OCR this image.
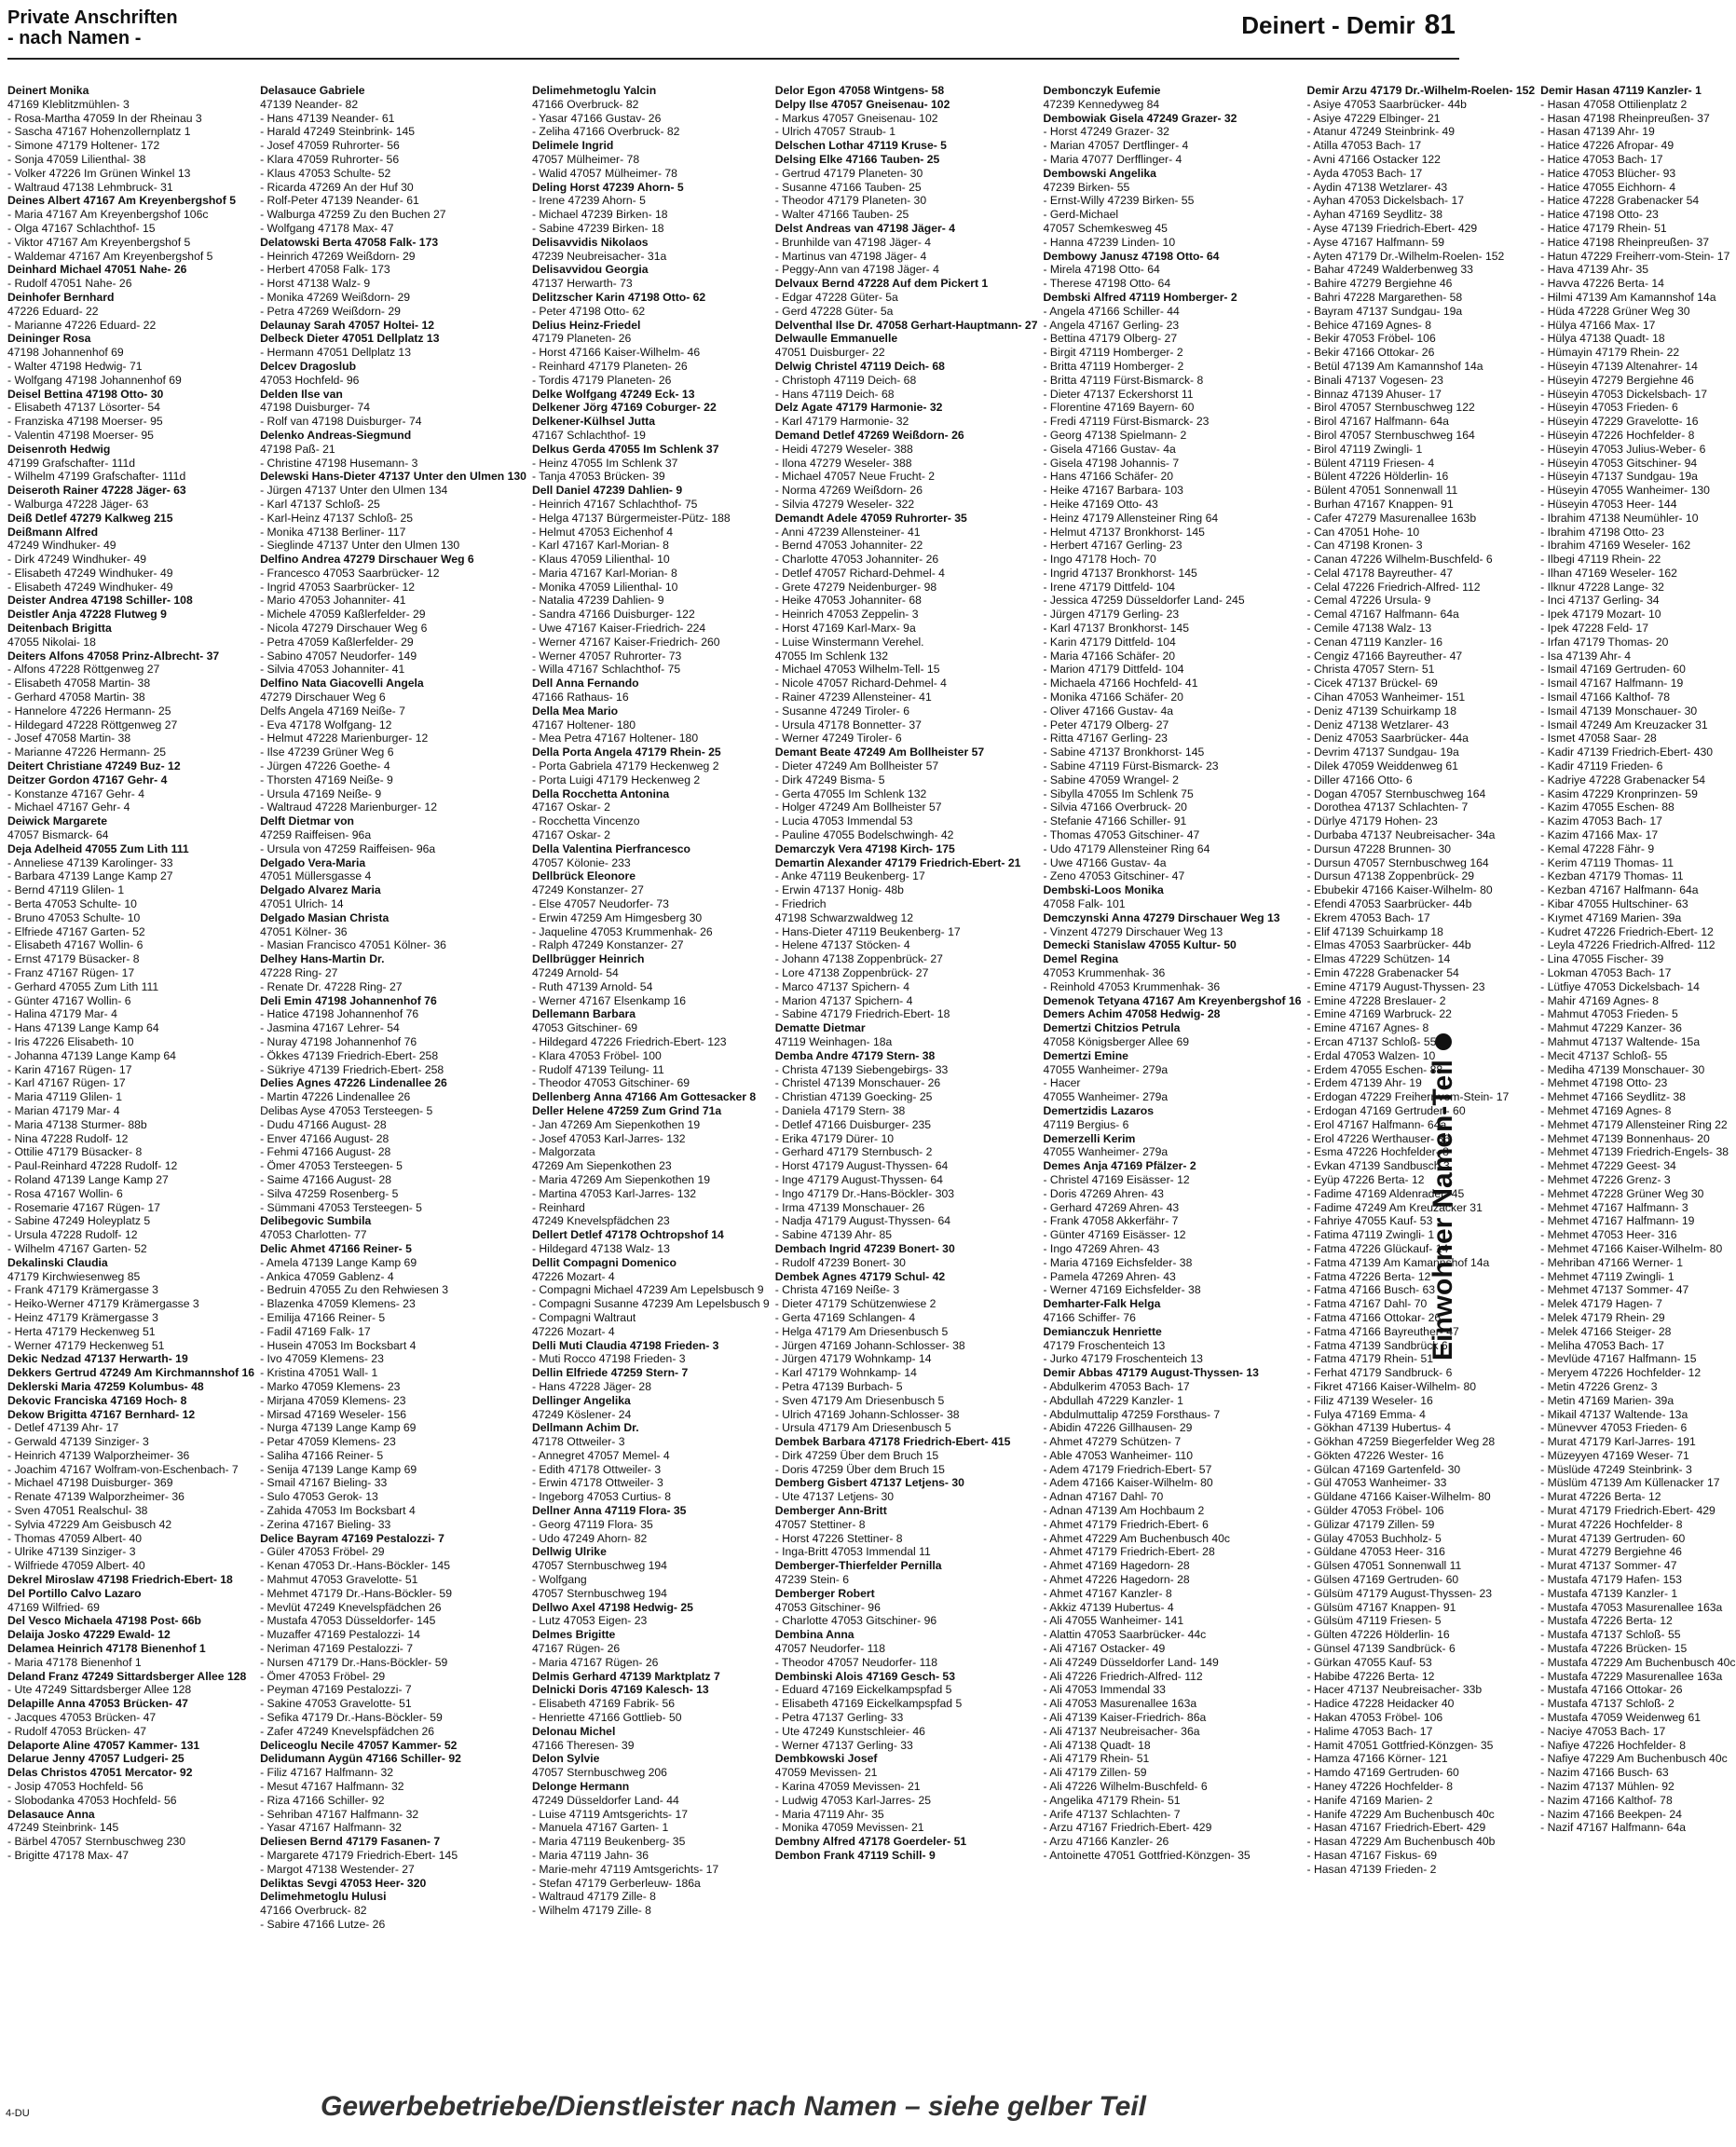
Private Anschriften
- nach Namen -	Deinert - Demir 81
Einwohner
Namen-Teil
Deinert Monika
47169 Kleblitzmühlen- 3
- Rosa-Martha 47059 In der Rheinau 3
- Sascha 47167 Hohenzollernplatz 1
- Simone 47179 Holtener- 172
- Sonja 47059 Lilienthal- 38
- Volker 47226 Im Grünen Winkel 13
- Waltraud 47138 Lehmbruck- 31
Deines Albert 47167 Am Kreyenbergshof 5
- Maria 47167 Am Kreyenbergshof 106c
- Olga 47167 Schlachthof- 15
- Viktor 47167 Am Kreyenbergshof 5
- Waldemar 47167 Am Kreyenbergshof 5
Deinhard Michael 47051 Nahe- 26
- Rudolf 47051 Nahe- 26
Deinhofer Bernhard
47226 Eduard- 22
- Marianne 47226 Eduard- 22
Deininger Rosa
47198 Johannenhof 69
- Walter 47198 Hedwig- 71
- Wolfgang 47198 Johannenhof 69
Deisel Bettina 47198 Otto- 30
- Elisabeth 47137 Lösorter- 54
- Franziska 47198 Moerser- 95
- Valentin 47198 Moerser- 95
Deisenroth Hedwig
47199 Grafschafter- 111d
- Wilhelm 47199 Grafschafter- 111d
Deiseroth Rainer 47228 Jäger- 63
- Walburga 47228 Jäger- 63
Deiß Detlef 47279 Kalkweg 215
Deißmann Alfred
47249 Windhuker- 49
- Dirk 47249 Windhuker- 49
- Elisabeth 47249 Windhuker- 49
- Elisabeth 47249 Windhuker- 49
Deister Andrea 47198 Schiller- 108
Deistler Anja 47228 Flutweg 9
Deitenbach Brigitta
47055 Nikolai- 18
Deiters Alfons 47058 Prinz-Albrecht- 37
- Alfons 47228 Röttgenweg 27
- Elisabeth 47058 Martin- 38
- Gerhard 47058 Martin- 38
- Hannelore 47226 Hermann- 25
- Hildegard 47228 Röttgenweg 27
- Josef 47058 Martin- 38
- Marianne 47226 Hermann- 25
Deitert Christiane 47249 Buz- 12
Deitzer Gordon 47167 Gehr- 4
- Konstanze 47167 Gehr- 4
- Michael 47167 Gehr- 4
Deiwick Margarete
47057 Bismarck- 64
Deja Adelheid 47055 Zum Lith 111
- Anneliese 47139 Karolinger- 33
- Barbara 47139 Lange Kamp 27
- Bernd 47119 Glilen- 1
- Berta 47053 Schulte- 10
- Bruno 47053 Schulte- 10
- Elfriede 47167 Garten- 52
- Elisabeth 47167 Wollin- 6
- Ernst 47179 Büsacker- 8
- Franz 47167 Rügen- 17
- Gerhard 47055 Zum Lith 111
- Günter 47167 Wollin- 6
- Halina 47179 Mar- 4
- Hans 47139 Lange Kamp 64
- Iris 47226 Elisabeth- 10
- Johanna 47139 Lange Kamp 64
- Karin 47167 Rügen- 17
- Karl 47167 Rügen- 17
- Maria 47119 Glilen- 1
- Marian 47179 Mar- 4
- Maria 47138 Sturmer- 88b
- Nina 47228 Rudolf- 12
- Ottilie 47179 Büsacker- 8
- Paul-Reinhard 47228 Rudolf- 12
- Roland 47139 Lange Kamp 27
- Rosa 47167 Wollin- 6
- Rosemarie 47167 Rügen- 17
- Sabine 47249 Holeyplatz 5
- Ursula 47228 Rudolf- 12
- Wilhelm 47167 Garten- 52
Dekalinski Claudia
47179 Kirchwiesenweg 85
- Frank 47179 Krämergasse 3
- Heiko-Werner 47179 Krämergasse 3
- Heinz 47179 Krämergasse 3
- Herta 47179 Heckenweg 51
- Werner 47179 Heckenweg 51
Dekic Nedzad 47137 Herwarth- 19
Dekkers Gertrud 47249 Am Kirchmannshof 16
Deklerski Maria 47259 Kolumbus- 48
Dekovic Franciska 47169 Hoch- 8
Dekow Brigitta 47167 Bernhard- 12
- Detlef 47139 Ahr- 17
- Gerwald 47139 Sinziger- 3
- Heinrich 47139 Walporzheimer- 36
- Joachim 47167 Wolfram-von-Eschenbach- 7
- Michael 47198 Duisburger- 369
- Renate 47139 Walporzheimer- 36
- Sven 47051 Realschul- 38
- Sylvia 47229 Am Geisbusch 42
- Thomas 47059 Albert- 40
- Ulrike 47139 Sinziger- 3
- Wilfriede 47059 Albert- 40
Dekrel Miroslaw 47198 Friedrich-Ebert- 18
Del Portillo Calvo Lazaro
47169 Wilfried- 69
Del Vesco Michaela 47198 Post- 66b
Delaija Josko 47229 Ewald- 12
Delamea Heinrich 47178 Bienenhof 1
- Maria 47178 Bienenhof 1
Deland Franz 47249 Sittardsberger Allee 128
- Ute 47249 Sittardsberger Allee 128
Delapille Anna 47053 Brücken- 47
- Jacques 47053 Brücken- 47
- Rudolf 47053 Brücken- 47
Delaporte Aline 47057 Kammer- 131
Delarue Jenny 47057 Ludgeri- 25
Delas Christos 47051 Mercator- 92
- Josip 47053 Hochfeld- 56
- Slobodanka 47053 Hochfeld- 56
Delasauce Anna
47249 Steinbrink- 145
- Bärbel 47057 Sternbuschweg 230
- Brigitte 47178 Max- 47
Delasauce Gabriele
47139 Neander- 82
- Hans 47139 Neander- 61
- Harald 47249 Steinbrink- 145
- Josef 47059 Ruhrorter- 56
- Klara 47059 Ruhrorter- 56
- Klaus 47053 Schulte- 52
- Ricarda 47269 An der Huf 30
- Rolf-Peter 47139 Neander- 61
- Walburga 47259 Zu den Buchen 27
- Wolfgang 47178 Max- 47
Delatowski Berta 47058 Falk- 173
- Heinrich 47269 Weißdorn- 29
- Herbert 47058 Falk- 173
- Horst 47138 Walz- 9
- Monika 47269 Weißdorn- 29
- Petra 47269 Weißdorn- 29
Delaunay Sarah 47057 Holtei- 12
Delbeck Dieter 47051 Dellplatz 13
- Hermann 47051 Dellplatz 13
Delcev Dragoslub
47053 Hochfeld- 96
Delden Ilse van
47198 Duisburger- 74
- Rolf van 47198 Duisburger- 74
Delenko Andreas-Siegmund
47198 Paß- 21
- Christine 47198 Husemann- 3
Delewski Hans-Dieter 47137 Unter den Ulmen 130
- Jürgen 47137 Unter den Ulmen 134
- Karl 47137 Schloß- 25
- Karl-Heinz 47137 Schloß- 25
- Monika 47138 Berliner- 117
- Sieglinde 47137 Unter den Ulmen 130
Delfino Andrea 47279 Dirschauer Weg 6
- Francesco 47053 Saarbrücker- 12
- Ingrid 47053 Saarbrücker- 12
- Mario 47053 Johanniter- 41
- Michele 47059 Kaßlerfelder- 29
- Nicola 47279 Dirschauer Weg 6
- Petra 47059 Kaßlerfelder- 29
- Sabino 47057 Neudorfer- 149
- Silvia 47053 Johanniter- 41
Delfino Nata Giacovelli Angela
47279 Dirschauer Weg 6
Delfs Angela 47169 Neiße- 7
- Eva 47178 Wolfgang- 12
- Helmut 47228 Marienburger- 12
- Ilse 47239 Grüner Weg 6
- Jürgen 47226 Goethe- 4
- Thorsten 47169 Neiße- 9
- Ursula 47169 Neiße- 9
- Waltraud 47228 Marienburger- 12
Delft Dietmar von
47259 Raiffeisen- 96a
- Ursula von 47259 Raiffeisen- 96a
Delgado Vera-Maria
47051 Müllersgasse 4
Delgado Alvarez Maria
47051 Ulrich- 14
Delgado Masian Christa
47051 Kölner- 36
- Masian Francisco 47051 Kölner- 36
Delhey Hans-Martin Dr.
47228 Ring- 27
- Renate Dr. 47228 Ring- 27
Deli Emin 47198 Johannenhof 76
- Hatice 47198 Johannenhof 76
- Jasmina 47167 Lehrer- 54
- Nuray 47198 Johannenhof 76
- Ökkes 47139 Friedrich-Ebert- 258
- Sükriye 47139 Friedrich-Ebert- 258
Delies Agnes 47226 Lindenallee 26
- Martin 47226 Lindenallee 26
Delibas Ayse 47053 Tersteegen- 5
- Dudu 47166 August- 28
- Enver 47166 August- 28
- Fehmi 47166 August- 28
- Ömer 47053 Tersteegen- 5
- Saime 47166 August- 28
- Silva 47259 Rosenberg- 5
- Sümmani 47053 Tersteegen- 5
Delibegovic Sumbila
47053 Charlotten- 77
Delic Ahmet 47166 Reiner- 5
- Amela 47139 Lange Kamp 69
- Ankica 47059 Gablenz- 4
- Bedruin 47055 Zu den Rehwiesen 3
- Blazenka 47059 Klemens- 23
- Emilija 47166 Reiner- 5
- Fadil 47169 Falk- 17
- Husein 47053 Im Bocksbart 4
- Ivo 47059 Klemens- 23
- Kristina 47051 Wall- 1
- Marko 47059 Klemens- 23
- Mirjana 47059 Klemens- 23
- Mirsad 47169 Weseler- 156
- Nurga 47139 Lange Kamp 69
- Petar 47059 Klemens- 23
- Saliha 47166 Reiner- 5
- Senija 47139 Lange Kamp 69
- Smail 47167 Bieling- 33
- Sulo 47053 Gerok- 13
- Zahida 47053 Im Bocksbart 4
- Zerina 47167 Bieling- 33
Delice Bayram 47169 Pestalozzi- 7
- Güler 47053 Fröbel- 29
- Kenan 47053 Dr.-Hans-Böckler- 145
- Mahmut 47053 Gravelotte- 51
- Mehmet 47179 Dr.-Hans-Böckler- 59
- Mevlüt 47249 Knevelspfädchen 26
- Mustafa 47053 Düsseldorfer- 145
- Muzaffer 47169 Pestalozzi- 14
- Neriman 47169 Pestalozzi- 7
- Nursen 47179 Dr.-Hans-Böckler- 59
- Ömer 47053 Fröbel- 29
- Peyman 47169 Pestalozzi- 7
- Sakine 47053 Gravelotte- 51
- Sefika 47179 Dr.-Hans-Böckler- 59
- Zafer 47249 Knevelspfädchen 26
Deliceoglu Necile 47057 Kammer- 52
Delidumann Aygün 47166 Schiller- 92
- Filiz 47167 Halfmann- 32
- Mesut 47167 Halfmann- 32
- Riza 47166 Schiller- 92
- Sehriban 47167 Halfmann- 32
- Yasar 47167 Halfmann- 32
Deliesen Bernd 47179 Fasanen- 7
- Margarete 47179 Friedrich-Ebert- 145
- Margot 47138 Westender- 27
Deliktas Sevgi 47053 Heer- 320
Delimehmetoglu Hulusi
47166 Overbruck- 82
- Sabire 47166 Lutze- 26
Delimehmetoglu Yalcin
47166 Overbruck- 82
- Yasar 47166 Gustav- 26
- Zeliha 47166 Overbruck- 82
Delimele Ingrid
47057 Mülheimer- 78
- Walid 47057 Mülheimer- 78
Deling Horst 47239 Ahorn- 5
- Irene 47239 Ahorn- 5
- Michael 47239 Birken- 18
- Sabine 47239 Birken- 18
Delisavvidis Nikolaos
47239 Neubreisacher- 31a
Delisavvidou Georgia
47137 Herwarth- 73
Delitzscher Karin 47198 Otto- 62
- Peter 47198 Otto- 62
Delius Heinz-Friedel
47179 Planeten- 26
- Horst 47166 Kaiser-Wilhelm- 46
- Reinhard 47179 Planeten- 26
- Tordis 47179 Planeten- 26
Delke Wolfgang 47249 Eck- 13
Delkener Jörg 47169 Coburger- 22
Delkener-Külhsel Jutta
47167 Schlachthof- 19
Delkus Gerda 47055 Im Schlenk 37
- Heinz 47055 Im Schlenk 37
- Tanja 47053 Brücken- 39
Dell Daniel 47239 Dahlien- 9
- Heinrich 47167 Schlachthof- 75
- Helga 47137 Bürgermeister-Pütz- 188
- Helmut 47053 Eichenhof 4
- Karl 47167 Karl-Morian- 8
- Klaus 47059 Lilienthal- 10
- Maria 47167 Karl-Morian- 8
- Monika 47059 Lilienthal- 10
- Natalia 47239 Dahlien- 9
- Sandra 47166 Duisburger- 122
- Uwe 47167 Kaiser-Friedrich- 224
- Werner 47167 Kaiser-Friedrich- 260
- Werner 47057 Ruhrorter- 73
- Willa 47167 Schlachthof- 75
Dell Anna Fernando
47166 Rathaus- 16
Della Mea Mario
47167 Holtener- 180
- Mea Petra 47167 Holtener- 180
Della Porta Angela 47179 Rhein- 25
- Porta Gabriela 47179 Heckenweg 2
- Porta Luigi 47179 Heckenweg 2
Della Rocchetta Antonina
47167 Oskar- 2
- Rocchetta Vincenzo
47167 Oskar- 2
Della Valentina Pierfrancesco
47057 Kölonie- 233
Dellbrück Eleonore
47249 Konstanzer- 27
- Else 47057 Neudorfer- 73
- Erwin 47259 Am Himgesberg 30
- Jaqueline 47053 Krummenhak- 26
- Ralph 47249 Konstanzer- 27
Dellbrügger Heinrich
47249 Arnold- 54
- Ruth 47139 Arnold- 54
- Werner 47167 Elsenkamp 16
Dellemann Barbara
47053 Gitschiner- 69
- Hildegard 47226 Friedrich-Ebert- 123
- Klara 47053 Fröbel- 100
- Rudolf 47139 Teilung- 11
- Theodor 47053 Gitschiner- 69
Dellenberg Anna 47166 Am Gottesacker 8
Deller Helene 47259 Zum Grind 71a
- Jan 47269 Am Siepenkothen 19
- Josef 47053 Karl-Jarres- 132
- Malgorzata
47269 Am Siepenkothen 23
- Maria 47269 Am Siepenkothen 19
- Martina 47053 Karl-Jarres- 132
- Reinhard
47249 Knevelspfädchen 23
Dellert Detlef 47178 Ochtropshof 14
- Hildegard 47138 Walz- 13
Dellit Compagni Domenico
47226 Mozart- 4
- Compagni Michael 47239 Am Lepelsbusch 9
- Compagni Susanne 47239 Am Lepelsbusch 9
- Compagni Waltraut
47226 Mozart- 4
Delli Muti Claudia 47198 Frieden- 3
- Muti Rocco 47198 Frieden- 3
Dellin Elfriede 47259 Stern- 7
- Hans 47228 Jäger- 28
Dellinger Angelika
47249 Köslener- 24
Dellmann Achim Dr.
47178 Ottweiler- 3
- Annegret 47057 Memel- 4
- Edith 47178 Ottweiler- 3
- Erwin 47178 Ottweiler- 3
- Ingeborg 47053 Curtius- 8
Dellner Anna 47119 Flora- 35
- Georg 47119 Flora- 35
- Udo 47249 Ahorn- 82
Dellwig Ulrike
47057 Sternbuschweg 194
- Wolfgang
47057 Sternbuschweg 194
Dellwo Axel 47198 Hedwig- 25
- Lutz 47053 Eigen- 23
Delmes Brigitte
47167 Rügen- 26
- Maria 47167 Rügen- 26
Delmis Gerhard 47139 Marktplatz 7
Delnicki Doris 47169 Kalesch- 13
- Elisabeth 47169 Fabrik- 56
- Henriette 47166 Gottlieb- 50
Delonau Michel
47166 Theresen- 39
Delon Sylvie
47057 Sternbuschweg 206
Delonge Hermann
47249 Düsseldorfer Land- 44
- Luise 47119 Amtsgerichts- 17
- Manuela 47167 Garten- 1
- Maria 47119 Beukenberg- 35
- Maria 47119 Jahn- 36
- Marie-mehr 47119 Amtsgerichts- 17
- Stefan 47179 Gerberleuw- 186a
- Waltraud 47179 Zille- 8
- Wilhelm 47179 Zille- 8
Delor Egon 47058 Wintgens- 58
Delpy Ilse 47057 Gneisenau- 102
- Markus 47057 Gneisenau- 102
- Ulrich 47057 Straub- 1
Delschen Lothar 47119 Kruse- 5
Delsing Elke 47166 Tauben- 25
- Gertrud 47179 Planeten- 30
- Susanne 47166 Tauben- 25
- Theodor 47179 Planeten- 30
- Walter 47166 Tauben- 25
Delst Andreas van 47198 Jäger- 4
- Brunhilde van 47198 Jäger- 4
- Martinus van 47198 Jäger- 4
- Peggy-Ann van 47198 Jäger- 4
Delvaux Bernd 47228 Auf dem Pickert 1
- Edgar 47228 Güter- 5a
- Gerd 47228 Güter- 5a
Delventhal Ilse Dr. 47058 Gerhart-Hauptmann- 27
Delwaulle Emmanuelle
47051 Duisburger- 22
Delwig Christel 47119 Deich- 68
- Christoph 47119 Deich- 68
- Hans 47119 Deich- 68
Delz Agate 47179 Harmonie- 32
- Karl 47179 Harmonie- 32
Demand Detlef 47269 Weißdorn- 26
- Heidi 47279 Weseler- 388
- Ilona 47279 Weseler- 388
- Michael 47057 Neue Frucht- 2
- Norma 47269 Weißdorn- 26
- Silvia 47279 Weseler- 322
Demandt Adele 47059 Ruhrorter- 35
- Anni 47239 Allensteiner- 41
- Bernd 47053 Johanniter- 22
- Charlotte 47053 Johanniter- 26
- Detlef 47057 Richard-Dehmel- 4
- Grete 47279 Neidenburger- 98
- Heike 47053 Johanniter- 68
- Heinrich 47053 Zeppelin- 3
- Horst 47169 Karl-Marx- 9a
- Luise Winstermann Verehel.
47055 Im Schlenk 132
- Michael 47053 Wilhelm-Tell- 15
- Nicole 47057 Richard-Dehmel- 4
- Rainer 47239 Allensteiner- 41
- Susanne 47249 Tiroler- 6
- Ursula 47178 Bonnetter- 37
- Werner 47249 Tiroler- 6
Demant Beate 47249 Am Bollheister 57
- Dieter 47249 Am Bollheister 57
- Dirk 47249 Bisma- 5
- Gerta 47055 Im Schlenk 132
- Holger 47249 Am Bollheister 57
- Lucia 47053 Immendal 53
- Pauline 47055 Bodelschwingh- 42
Demarczyk Vera 47198 Kirch- 175
Demartin Alexander 47179 Friedrich-Ebert- 21
- Anke 47119 Beukenberg- 17
- Erwin 47137 Honig- 48b
- Friedrich
47198 Schwarzwaldweg 12
- Hans-Dieter 47119 Beukenberg- 17
- Helene 47137 Stöcken- 4
- Johann 47138 Zoppenbrück- 27
- Lore 47138 Zoppenbrück- 27
- Marco 47137 Spichern- 4
- Marion 47137 Spichern- 4
- Sabine 47179 Friedrich-Ebert- 18
Dematte Dietmar
47119 Weinhagen- 18a
Demba Andre 47179 Stern- 38
- Christa 47139 Siebengebirgs- 33
- Christel 47139 Monschauer- 26
- Christian 47139 Goecking- 25
- Daniela 47179 Stern- 38
- Detlef 47166 Duisburger- 235
- Erika 47179 Dürer- 10
- Gerhard 47179 Sternbusch- 2
- Horst 47179 August-Thyssen- 64
- Inge 47179 August-Thyssen- 64
- Ingo 47179 Dr.-Hans-Böckler- 303
- Irma 47139 Monschauer- 26
- Nadja 47179 August-Thyssen- 64
- Sabine 47139 Ahr- 85
Dembach Ingrid 47239 Bonert- 30
- Rudolf 47239 Bonert- 30
Dembek Agnes 47179 Schul- 42
- Christa 47169 Neiße- 3
- Dieter 47179 Schützenwiese 2
- Gerta 47169 Schlangen- 4
- Helga 47179 Am Driesenbusch 5
- Jürgen 47169 Johann-Schlosser- 38
- Jürgen 47179 Wohnkamp- 14
- Karl 47179 Wohnkamp- 14
- Petra 47139 Burbach- 5
- Sven 47179 Am Driesenbusch 5
- Ulrich 47169 Johann-Schlosser- 38
- Ursula 47179 Am Driesenbusch 5
Dembek Barbara 47178 Friedrich-Ebert- 415
- Dirk 47259 Über dem Bruch 15
- Doris 47259 Über dem Bruch 15
Demberg Gisbert 47137 Letjens- 30
- Ute 47137 Letjens- 30
Demberger Ann-Britt
47057 Stettiner- 8
- Horst 47226 Stettiner- 8
- Inga-Britt 47053 Immendal 11
Demberger-Thierfelder Pernilla
47239 Stein- 6
Demberger Robert
47053 Gitschiner- 96
- Charlotte 47053 Gitschiner- 96
Dembina Anna
47057 Neudorfer- 118
- Theodor 47057 Neudorfer- 118
Dembinski Alois 47169 Gesch- 53
- Eduard 47169 Eickelkampspfad 5
- Elisabeth 47169 Eickelkampspfad 5
- Petra 47137 Gerling- 33
- Ute 47249 Kunstschleier- 46
- Werner 47137 Gerling- 33
Dembkowski Josef
47059 Mevissen- 21
- Karina 47059 Mevissen- 21
- Ludwig 47053 Karl-Jarres- 25
- Maria 47119 Ahr- 35
- Monika 47059 Mevissen- 21
Dembny Alfred 47178 Goerdeler- 51
Dembon Frank 47119 Schill- 9
Dembonczyk Eufemie
47239 Kennedyweg 84
Dembowiak Gisela 47249 Grazer- 32
- Horst 47249 Grazer- 32
- Marian 47057 Dertflinger- 4
- Maria 47077 Derfflinger- 4
Dembowski Angelika
47239 Birken- 55
- Ernst-Willy 47239 Birken- 55
- Gerd-Michael
47057 Schemkesweg 45
- Hanna 47239 Linden- 10
Dembowy Janusz 47198 Otto- 64
- Mirela 47198 Otto- 64
- Therese 47198 Otto- 64
Dembski Alfred 47119 Homberger- 2
- Angela 47166 Schiller- 44
- Angela 47167 Gerling- 23
- Bettina 47179 Olberg- 27
- Birgit 47119 Homberger- 2
- Britta 47119 Homberger- 2
- Britta 47119 Fürst-Bismarck- 8
- Dieter 47137 Eckershorst 11
- Florentine 47169 Bayern- 60
- Fredi 47119 Fürst-Bismarck- 23
- Georg 47138 Spielmann- 2
- Gisela 47166 Gustav- 4a
- Gisela 47198 Johannis- 7
- Hans 47166 Schäfer- 20
- Heike 47167 Barbara- 103
- Heike 47169 Otto- 43
- Heinz 47179 Allensteiner Ring 64
- Helmut 47137 Bronkhorst- 145
- Herbert 47167 Gerling- 23
- Ingo 47178 Hoch- 70
- Ingrid 47137 Bronkhorst- 145
- Irene 47179 Dittfeld- 104
- Jessica 47259 Düsseldorfer Land- 245
- Jürgen 47179 Gerling- 23
- Karl 47137 Bronkhorst- 145
- Karin 47179 Dittfeld- 104
- Maria 47166 Schäfer- 20
- Marion 47179 Dittfeld- 104
- Michaela 47166 Hochfeld- 41
- Monika 47166 Schäfer- 20
- Oliver 47166 Gustav- 4a
- Peter 47179 Olberg- 27
- Ritta 47167 Gerling- 23
- Sabine 47137 Bronkhorst- 145
- Sabine 47119 Fürst-Bismarck- 23
- Sabine 47059 Wrangel- 2
- Sibylla 47055 Im Schlenk 75
- Silvia 47166 Overbruck- 20
- Stefanie 47166 Schiller- 91
- Thomas 47053 Gitschiner- 47
- Udo 47179 Allensteiner Ring 64
- Uwe 47166 Gustav- 4a
- Zeno 47053 Gitschiner- 47
Dembski-Loos Monika
47058 Falk- 101
Demczynski Anna 47279 Dirschauer Weg 13
- Vinzent 47279 Dirschauer Weg 13
Demecki Stanislaw 47055 Kultur- 50
Demel Regina
47053 Krummenhak- 36
- Reinhold 47053 Krummenhak- 36
Demenok Tetyana 47167 Am Kreyenbergshof 16
Demers Achim 47058 Hedwig- 28
Demertzi Chitzios Petrula
47058 Königsberger Allee 69
Demertzi Emine
47055 Wanheimer- 279a
- Hacer
47055 Wanheimer- 279a
Demertzidis Lazaros
47119 Bergius- 6
Demerzelli Kerim
47055 Wanheimer- 279a
Demes Anja 47169 Pfälzer- 2
- Christel 47169 Eisässer- 12
- Doris 47269 Ahren- 43
- Gerhard 47269 Ahren- 43
- Frank 47058 Akkerfähr- 7
- Günter 47169 Eisässer- 12
- Ingo 47269 Ahren- 43
- Maria 47169 Eichsfelder- 38
- Pamela 47269 Ahren- 43
- Werner 47169 Eichsfelder- 38
Demharter-Falk Helga
47166 Schiffer- 76
Demianczuk Henriette
47179 Froschenteich 13
- Jurko 47179 Froschenteich 13
Demir Abbas 47179 August-Thyssen- 13
- Abdulkerim 47053 Bach- 17
- Abdullah 47229 Kanzler- 1
- Abdulmuttalip 47259 Forsthaus- 7
- Abidin 47226 Gillhausen- 29
- Ahmet 47279 Schützen- 7
- Able 47053 Wanheimer- 110
- Adem 47179 Friedrich-Ebert- 57
- Adem 47166 Kaiser-Wilhelm- 80
- Adnan 47167 Dahl- 70
- Adnan 47139 Am Hochbaum 2
- Ahmet 47179 Friedrich-Ebert- 6
- Ahmet 47229 Am Buchenbusch 40c
- Ahmet 47179 Friedrich-Ebert- 28
- Ahmet 47169 Hagedorn- 28
- Ahmet 47226 Hagedorn- 28
- Ahmet 47167 Kanzler- 8
- Akkiz 47139 Hubertus- 4
- Ali 47055 Wanheimer- 141
- Alattin 47053 Saarbrücker- 44c
- Ali 47167 Ostacker- 49
- Ali 47249 Düsseldorfer Land- 149
- Ali 47226 Friedrich-Alfred- 112
- Ali 47053 Immendal 33
- Ali 47053 Masurenallee 163a
- Ali 47139 Kaiser-Friedrich- 86a
- Ali 47137 Neubreisacher- 36a
- Ali 47138 Quadt- 18
- Ali 47179 Rhein- 51
- Ali 47179 Zillen- 59
- Ali 47226 Wilhelm-Buschfeld- 6
- Angelika 47179 Rhein- 51
- Arife 47137 Schlachten- 7
- Arzu 47167 Friedrich-Ebert- 429
- Arzu 47166 Kanzler- 26
- Antoinette 47051 Gottfried-Könzgen- 35
Demir Arzu 47179 Dr.-Wilhelm-Roelen- 152
- Asiye 47053 Saarbrücker- 44b
- Asiye 47229 Elbinger- 21
- Atanur 47249 Steinbrink- 49
- Atilla 47053 Bach- 17
- Avni 47166 Ostacker 122
- Ayda 47053 Bach- 17
- Aydin 47138 Wetzlarer- 43
- Ayhan 47053 Dickelsbach- 17
- Ayhan 47169 Seydlitz- 38
- Ayse 47139 Friedrich-Ebert- 429
- Ayse 47167 Halfmann- 59
- Ayten 47179 Dr.-Wilhelm-Roelen- 152
- Bahar 47249 Walderbenweg 33
- Bahire 47279 Bergiehne 46
- Bahri 47228 Margarethen- 58
- Bayram 47137 Sundgau- 19a
- Behice 47169 Agnes- 8
- Bekir 47053 Fröbel- 106
- Bekir 47166 Ottokar- 26
- Betül 47139 Am Kamannshof 14a
- Binali 47137 Vogesen- 23
- Binnaz 47139 Ahuser- 17
- Birol 47057 Sternbuschweg 122
- Birol 47167 Halfmann- 64a
- Birol 47057 Sternbuschweg 164
- Birol 47119 Zwingli- 1
- Bülent 47119 Friesen- 4
- Bülent 47226 Hölderlin- 16
- Bülent 47051 Sonnenwall 11
- Burhan 47167 Knappen- 91
- Cafer 47279 Masurenallee 163b
- Can 47051 Hohe- 10
- Can 47198 Kronen- 3
- Canan 47226 Wilhelm-Buschfeld- 6
- Celal 47178 Bayreuther- 47
- Celal 47226 Friedrich-Alfred- 112
- Cemal 47226 Ursula- 9
- Cemal 47167 Halfmann- 64a
- Cemile 47138 Walz- 13
- Cenan 47119 Kanzler- 16
- Cengiz 47166 Bayreuther- 47
- Christa 47057 Stern- 51
- Cicek 47137 Brückel- 69
- Cihan 47053 Wanheimer- 151
- Deniz 47139 Schuirkamp 18
- Deniz 47138 Wetzlarer- 43
- Deniz 47053 Saarbrücker- 44a
- Devrim 47137 Sundgau- 19a
- Dilek 47059 Weiddenweg 61
- Diller 47166 Otto- 6
- Dogan 47057 Sternbuschweg 164
- Dorothea 47137 Schlachten- 7
- Dürlye 47179 Hohen- 23
- Durbaba 47137 Neubreisacher- 34a
- Dursun 47228 Brunnen- 30
- Dursun 47057 Sternbuschweg 164
- Dursun 47138 Zoppenbrück- 29
- Ebubekir 47166 Kaiser-Wilhelm- 80
- Efendi 47053 Saarbrücker- 44b
- Ekrem 47053 Bach- 17
- Elif 47139 Schuirkamp 18
- Elmas 47053 Saarbrücker- 44b
- Elmas 47229 Schützen- 14
- Emin 47228 Grabenacker 54
- Emine 47179 August-Thyssen- 23
- Emine 47228 Breslauer- 2
- Emine 47169 Warbruck- 22
- Emine 47167 Agnes- 8
- Ercan 47137 Schloß- 55
- Erdal 47053 Walzen- 10
- Erdem 47055 Eschen- 88
- Erdem 47139 Ahr- 19
- Erdogan 47229 Freiherr-vom-Stein- 17
- Erdogan 47169 Gertruden- 60
- Erol 47167 Halfmann- 64a
- Erol 47226 Werthauser- 86
- Esma 47226 Hochfelder- 8
- Evkan 47139 Sandbusch 3
- Eyüp 47226 Berta- 12
- Fadime 47169 Aldenrader- 45
- Fadime 47249 Am Kreuzacker 31
- Fahriye 47055 Kauf- 53
- Fatima 47119 Zwingli- 1
- Fatma 47226 Glückauf- 14
- Fatma 47139 Am Kamannshof 14a
- Fatma 47226 Berta- 12
- Fatma 47166 Busch- 63
- Fatma 47167 Dahl- 70
- Fatma 47166 Ottokar- 26
- Fatma 47166 Bayreuther- 47
- Fatma 47139 Sandbrück 6
- Fatma 47179 Rhein- 51
- Ferhat 47179 Sandbruck- 6
- Fikret 47166 Kaiser-Wilhelm- 80
- Filiz 47139 Weseler- 16
- Fulya 47169 Emma- 4
- Gökhan 47139 Hubertus- 4
- Gökhan 47259 Biegerfelder Weg 28
- Gökten 47226 Wester- 16
- Gülcan 47169 Gartenfeld- 30
- Gül 47053 Wanheimer- 33
- Güldane 47166 Kaiser-Wilhelm- 80
- Gülder 47053 Fröbel- 106
- Gülizar 47179 Zillen- 59
- Gülay 47053 Buchholz- 5
- Güldane 47053 Heer- 316
- Gülsen 47051 Sonnenwall 11
- Gülsen 47169 Gertruden- 60
- Gülsüm 47179 August-Thyssen- 23
- Gülsüm 47167 Knappen- 91
- Gülsüm 47119 Friesen- 5
- Gülten 47226 Hölderlin- 16
- Günsel 47139 Sandbrück- 6
- Gürkan 47055 Kauf- 53
- Habibe 47226 Berta- 12
- Hacer 47137 Neubreisacher- 33b
- Hadice 47228 Heidacker 40
- Hakan 47053 Fröbel- 106
- Halime 47053 Bach- 17
- Hamit 47051 Gottfried-Könzgen- 35
- Hamza 47166 Körner- 121
- Hamdo 47169 Gertruden- 60
- Haney 47226 Hochfelder- 8
- Hanife 47169 Marien- 2
- Hanife 47229 Am Buchenbusch 40c
- Hasan 47167 Friedrich-Ebert- 429
- Hasan 47229 Am Buchenbusch 40b
- Hasan 47167 Fiskus- 69
- Hasan 47139 Frieden- 2
Demir Hasan 47119 Kanzler- 1
- Hasan 47058 Ottilienplatz 2
- Hasan 47198 Rheinpreußen- 37
- Hasan 47139 Ahr- 19
- Hatice 47226 Afropar- 49
- Hatice 47053 Bach- 17
- Hatice 47053 Blücher- 93
- Hatice 47055 Eichhorn- 4
- Hatice 47228 Grabenacker 54
- Hatice 47198 Otto- 23
- Hatice 47179 Rhein- 51
- Hatice 47198 Rheinpreußen- 37
- Hatun 47229 Freiherr-vom-Stein- 17
- Hava 47139 Ahr- 35
- Havva 47226 Berta- 14
- Hilmi 47139 Am Kamannshof 14a
- Hüda 47228 Grüner Weg 30
- Hülya 47166 Max- 17
- Hülya 47138 Quadt- 18
- Hümayin 47179 Rhein- 22
- Hüseyin 47139 Altenahrer- 14
- Hüseyin 47279 Bergiehne 46
- Hüseyin 47053 Dickelsbach- 17
- Hüseyin 47053 Frieden- 6
- Hüseyin 47229 Gravelotte- 16
- Hüseyin 47226 Hochfelder- 8
- Hüseyin 47053 Julius-Weber- 6
- Hüseyin 47053 Gitschiner- 94
- Hüseyin 47137 Sundgau- 19a
- Hüseyin 47055 Wanheimer- 130
- Hüseyin 47053 Heer- 144
- Ibrahim 47138 Neumühler- 10
- Ibrahim 47198 Otto- 23
- Ibrahim 47169 Weseler- 162
- Ilbegi 47119 Rhein- 22
- Ilhan 47169 Weseler- 162
- Ilknur 47228 Lange- 32
- Inci 47137 Gerling- 34
- Ipek 47179 Mozart- 10
- Ipek 47228 Feld- 17
- Irfan 47179 Thomas- 20
- Isa 47139 Ahr- 4
- Ismail 47169 Gertruden- 60
- Ismail 47167 Halfmann- 19
- Ismail 47166 Kalthof- 78
- Ismail 47139 Monschauer- 30
- Ismail 47249 Am Kreuzacker 31
- Ismet 47058 Saar- 28
- Kadir 47139 Friedrich-Ebert- 430
- Kadir 47119 Frieden- 6
- Kadriye 47228 Grabenacker 54
- Kasim 47229 Kronprinzen- 59
- Kazim 47055 Eschen- 88
- Kazim 47053 Bach- 17
- Kazim 47166 Max- 17
- Kemal 47228 Fähr- 9
- Kerim 47119 Thomas- 11
- Kezban 47179 Thomas- 11
- Kezban 47167 Halfmann- 64a
- Kibar 47055 Hultschiner- 63
- Kıymet 47169 Marien- 39a
- Kudret 47226 Friedrich-Ebert- 12
- Leyla 47226 Friedrich-Alfred- 112
- Lina 47055 Fischer- 39
- Lokman 47053 Bach- 17
- Lütfiye 47053 Dickelsbach- 14
- Mahir 47169 Agnes- 8
- Mahmut 47053 Frieden- 5
- Mahmut 47229 Kanzer- 36
- Mahmut 47137 Waltende- 15a
- Mecit 47137 Schloß- 55
- Mediha 47139 Monschauer- 30
- Mehmet 47198 Otto- 23
- Mehmet 47166 Seydlitz- 38
- Mehmet 47169 Agnes- 8
- Mehmet 47179 Allensteiner Ring 22
- Mehmet 47139 Bonnenhaus- 20
- Mehmet 47139 Friedrich-Engels- 38
- Mehmet 47229 Geest- 34
- Mehmet 47226 Grenz- 3
- Mehmet 47228 Grüner Weg 30
- Mehmet 47167 Halfmann- 3
- Mehmet 47167 Halfmann- 19
- Mehmet 47053 Heer- 316
- Mehmet 47166 Kaiser-Wilhelm- 80
- Mehriban 47166 Werner- 1
- Mehmet 47119 Zwingli- 1
- Mehmet 47137 Sommer- 47
- Melek 47179 Hagen- 7
- Melek 47179 Rhein- 29
- Melek 47166 Steiger- 28
- Meliha 47053 Bach- 17
- Mevlüde 47167 Halfmann- 15
- Meryem 47226 Hochfelder- 12
- Metin 47226 Grenz- 3
- Metin 47169 Marien- 39a
- Mikail 47137 Waltende- 13a
- Münevver 47053 Frieden- 6
- Murat 47179 Karl-Jarres- 191
- Müzeyyen 47169 Weser- 71
- Müslüde 47249 Steinbrink- 3
- Müslüm 47139 Am Küllenacker 17
- Murat 47226 Berta- 12
- Murat 47179 Friedrich-Ebert- 429
- Murat 47226 Hochfelder- 8
- Murat 47139 Gertruden- 60
- Murat 47279 Bergiehne 46
- Murat 47137 Sommer- 47
- Mustafa 47179 Hafen- 153
- Mustafa 47139 Kanzler- 1
- Mustafa 47053 Masurenallee 163a
- Mustafa 47226 Berta- 12
- Mustafa 47137 Schloß- 55
- Mustafa 47226 Brücken- 15
- Mustafa 47229 Am Buchenbusch 40c
- Mustafa 47229 Masurenallee 163a
- Mustafa 47166 Ottokar- 26
- Mustafa 47137 Schloß- 2
- Mustafa 47059 Weidenweg 61
- Naciye 47053 Bach- 17
- Nafiye 47226 Hochfelder- 8
- Nafiye 47229 Am Buchenbusch 40c
- Nazim 47166 Busch- 63
- Nazim 47137 Mühlen- 92
- Nazim 47166 Kalthof- 78
- Nazim 47166 Beekpen- 24
- Nazif 47167 Halfmann- 64a
4-DU	Gewerbebetriebe/Dienstleister nach Namen – siehe gelber Teil
